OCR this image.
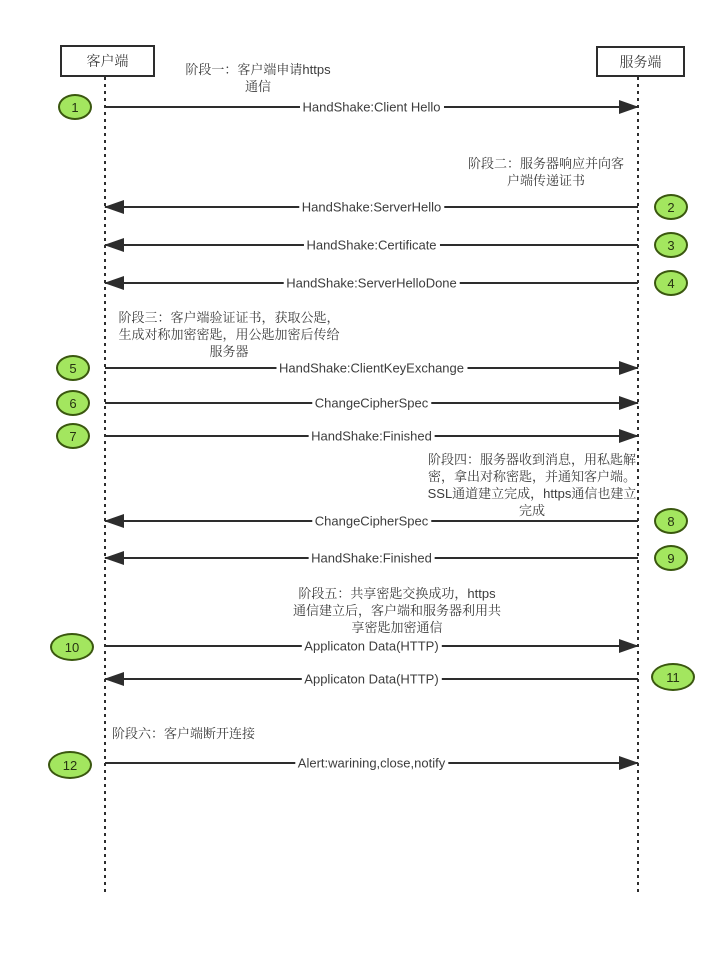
客户端	服务端
阶段一：客户端申请https
通信
阶段二：服务器响应并向客
户端传递证书
阶段三：客户端验证证书，获取公匙，
生成对称加密密匙，用公匙加密后传给
服务器
阶段四：服务器收到消息，用私匙解
密，拿出对称密匙，并通知客户端。
SSL通道建立完成，https通信也建立
完成
阶段五：共享密匙交换成功，https
通信建立后，客户端和服务器利用共
享密匙加密通信
阶段六：客户端断开连接
HandShake:Client Hello
HandShake:ServerHello
HandShake:Certificate
HandShake:ServerHelloDone
HandShake:ClientKeyExchange
ChangeCipherSpec
HandShake:Finished
ChangeCipherSpec
HandShake:Finished
Applicaton Data(HTTP)
Applicaton Data(HTTP)
Alert:warining,close,notify
1
2
3
4
5
6
7
8
9
10
11
12
